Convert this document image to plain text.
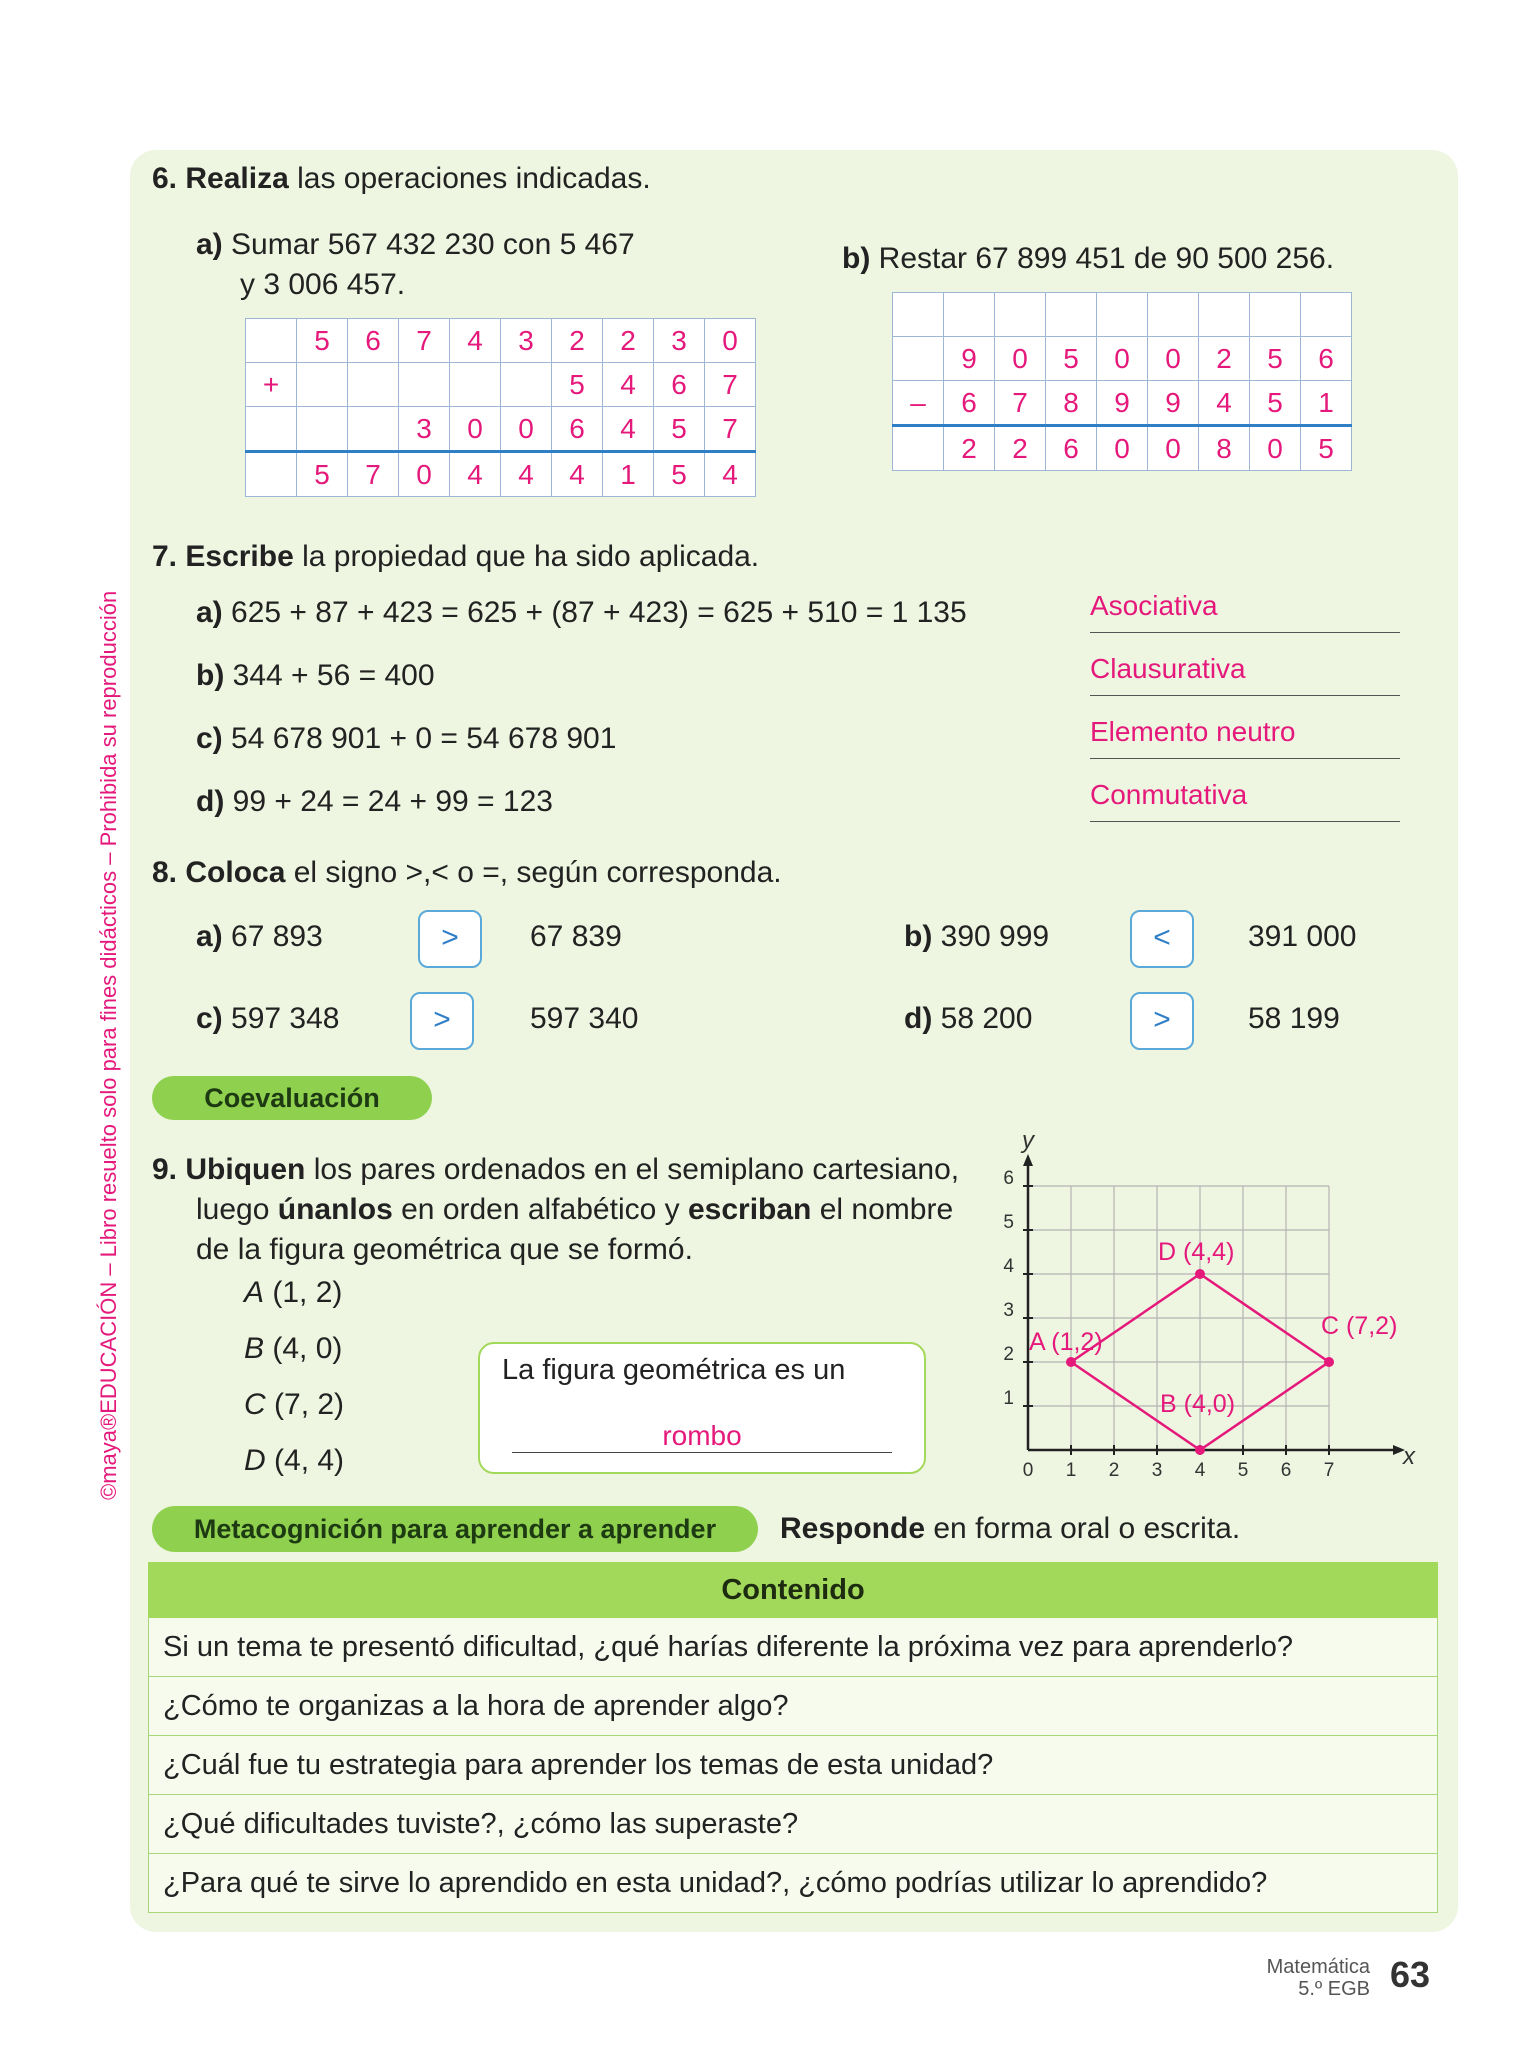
©maya®EDUCACIÓN – Libro resuelto solo para fines didácticos – Prohibida su reproducción
6. Realiza las operaciones indicadas.
a) Sumar 567 432 230 con 5 467
y 3 006 457.
b) Restar 67 899 451 de 90 500 256.
	5	6	7	4	3	2	2	3	0
+						5	4	6	7
			3	0	0	6	4	5	7
	5	7	0	4	4	4	1	5	4

	9	0	5	0	0	2	5	6
–	6	7	8	9	9	4	5	1
	2	2	6	0	0	8	0	5
7. Escribe la propiedad que ha sido aplicada.
a) 625 + 87 + 423 = 625 + (87 + 423) = 625 + 510 = 1 135	Asociativa
b) 344 + 56 = 400	Clausurativa
c) 54 678 901 + 0 = 54 678 901	Elemento neutro
d) 99 + 24 = 24 + 99 = 123	Conmutativa
8. Coloca el signo >,< o =, según corresponda.
a) 67 893	>	67 839	b) 390 999	<	391 000
c) 597 348	>	597 340	d) 58 200	>	58 199
Coevaluación
9. Ubiquen los pares ordenados en el semiplano cartesiano,
luego únanlos en orden alfabético y escriban el nombre
de la figura geométrica que se formó.
A (1, 2)
B (4, 0)
C (7, 2)
D (4, 4)
La figura geométrica es un
rombo
0 1 2 3 4 5 6 7
1
2
3
4
5
6
x
y
A (1,2)
B (4,0)
C (7,2)
D (4,4)
Metacognición para aprender a aprender	Responde en forma oral o escrita.
Contenido
Si un tema te presentó dificultad, ¿qué harías diferente la próxima vez para aprenderlo?
¿Cómo te organizas a la hora de aprender algo?
¿Cuál fue tu estrategia para aprender los temas de esta unidad?
¿Qué dificultades tuviste?, ¿cómo las superaste?
¿Para qué te sirve lo aprendido en esta unidad?, ¿cómo podrías utilizar lo aprendido?
Matemática
5.º EGB 63
